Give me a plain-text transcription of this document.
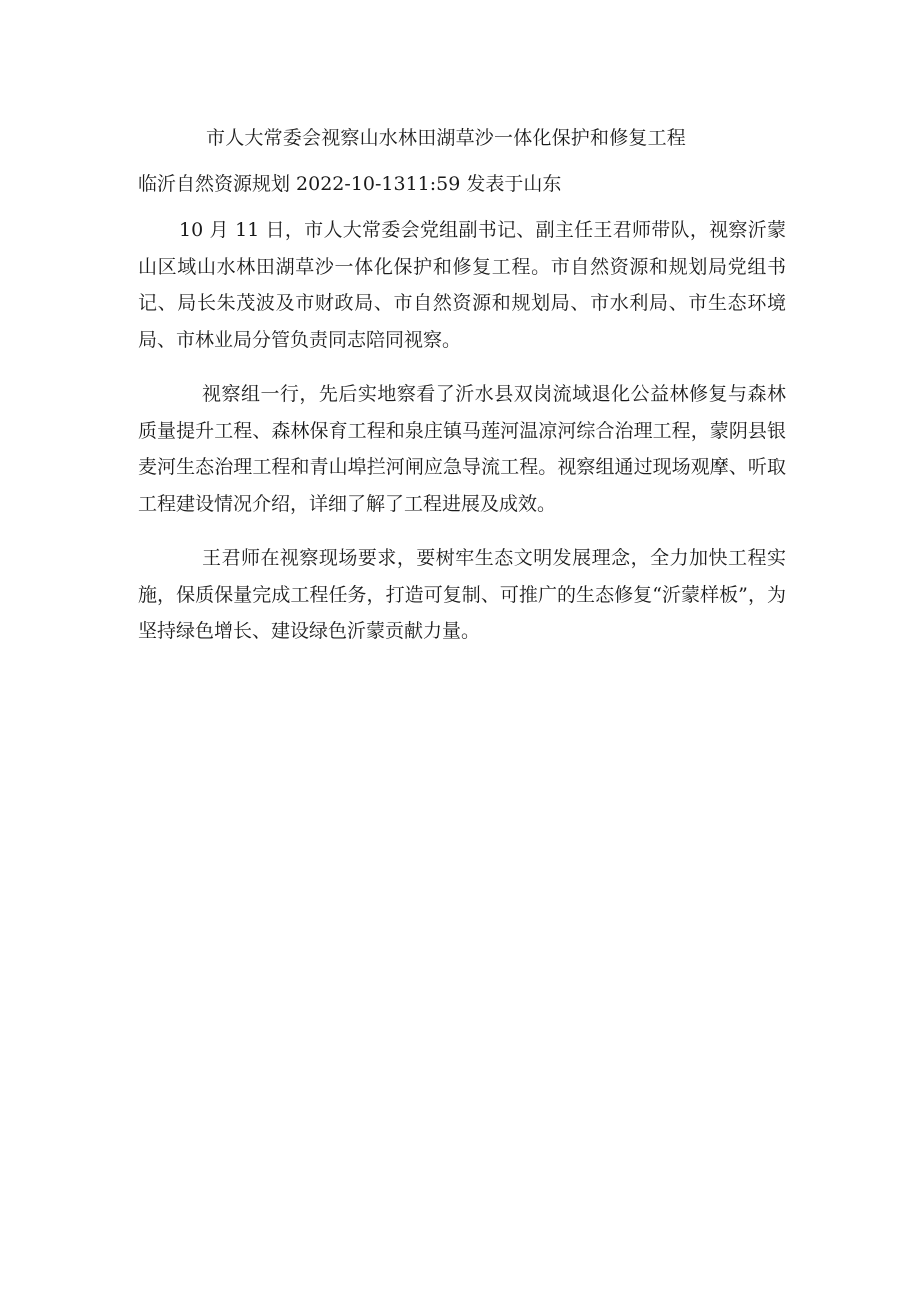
市人大常委会视察山水林田湖草沙一体化保护和修复工程
临沂自然资源规划 2022-10-1311:59 发表于山东

10 月 11 日，市人大常委会党组副书记、副主任王君师带队，视察沂蒙山区域山水林田湖草沙一体化保护和修复工程。市自然资源和规划局党组书记、局长朱茂波及市财政局、市自然资源和规划局、市水利局、市生态环境局、市林业局分管负责同志陪同视察。

视察组一行，先后实地察看了沂水县双岗流域退化公益林修复与森林质量提升工程、森林保育工程和泉庄镇马莲河温凉河综合治理工程，蒙阴县银麦河生态治理工程和青山埠拦河闸应急导流工程。视察组通过现场观摩、听取工程建设情况介绍，详细了解了工程进展及成效。

王君师在视察现场要求，要树牢生态文明发展理念，全力加快工程实施，保质保量完成工程任务，打造可复制、可推广的生态修复“沂蒙样板”，为坚持绿色增长、建设绿色沂蒙贡献力量。
